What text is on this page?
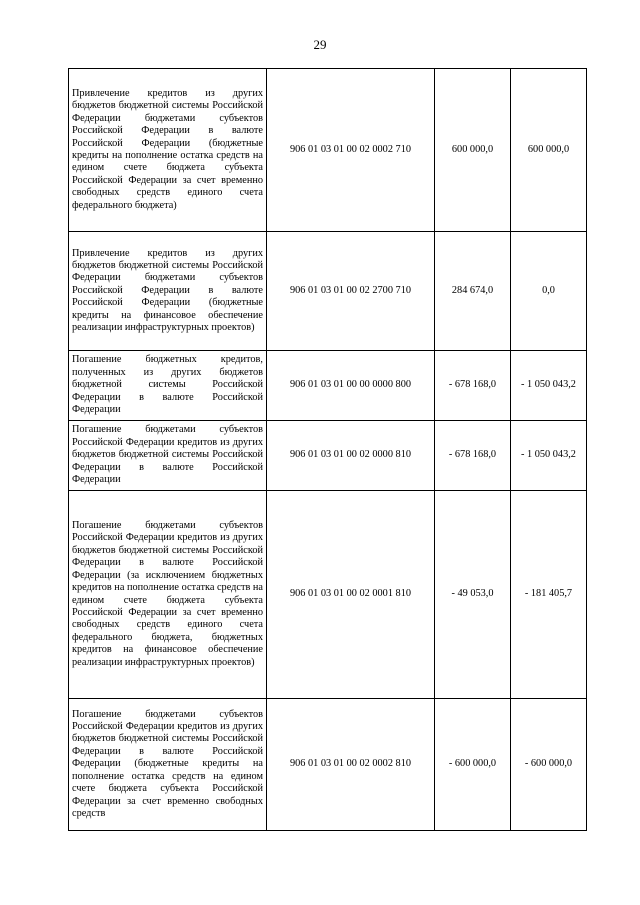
29
Привлечение кредитов из других бюджетов бюджетной системы Российской Федерации бюджетами субъектов Российской Федерации в валюте Российской Федерации (бюджетные кредиты на пополнение остатка средств на едином счете бюджета субъекта Российской Федерации за счет временно свободных средств единого счета федерального бюджета)	906 01 03 01 00 02 0002 710	600 000,0	600 000,0
Привлечение кредитов из других бюджетов бюджетной системы Российской Федерации бюджетами субъектов Российской Федерации в валюте Российской Федерации (бюджетные кредиты на финансовое обеспечение реализации инфраструктурных проектов)	906 01 03 01 00 02 2700 710	284 674,0	0,0
Погашение бюджетных кредитов, полученных из других бюджетов бюджетной системы Российской Федерации в валюте Российской Федерации	906 01 03 01 00 00 0000 800	- 678 168,0	- 1 050 043,2
Погашение бюджетами субъектов Российской Федерации кредитов из других бюджетов бюджетной системы Российской Федерации в валюте Российской Федерации	906 01 03 01 00 02 0000 810	- 678 168,0	- 1 050 043,2
Погашение бюджетами субъектов Российской Федерации кредитов из других бюджетов бюджетной системы Российской Федерации в валюте Российской Федерации (за исключением бюджетных кредитов на пополнение остатка средств на едином счете бюджета субъекта Российской Федерации за счет временно свободных средств единого счета федерального бюджета, бюджетных кредитов на финансовое обеспечение реализации инфраструктурных проектов)	906 01 03 01 00 02 0001 810	- 49 053,0	- 181 405,7
Погашение бюджетами субъектов Российской Федерации кредитов из других бюджетов бюджетной системы Российской Федерации в валюте Российской Федерации (бюджетные кредиты на пополнение остатка средств на едином счете бюджета субъекта Российской Федерации за счет временно свободных средств	906 01 03 01 00 02 0002 810	- 600 000,0	- 600 000,0
